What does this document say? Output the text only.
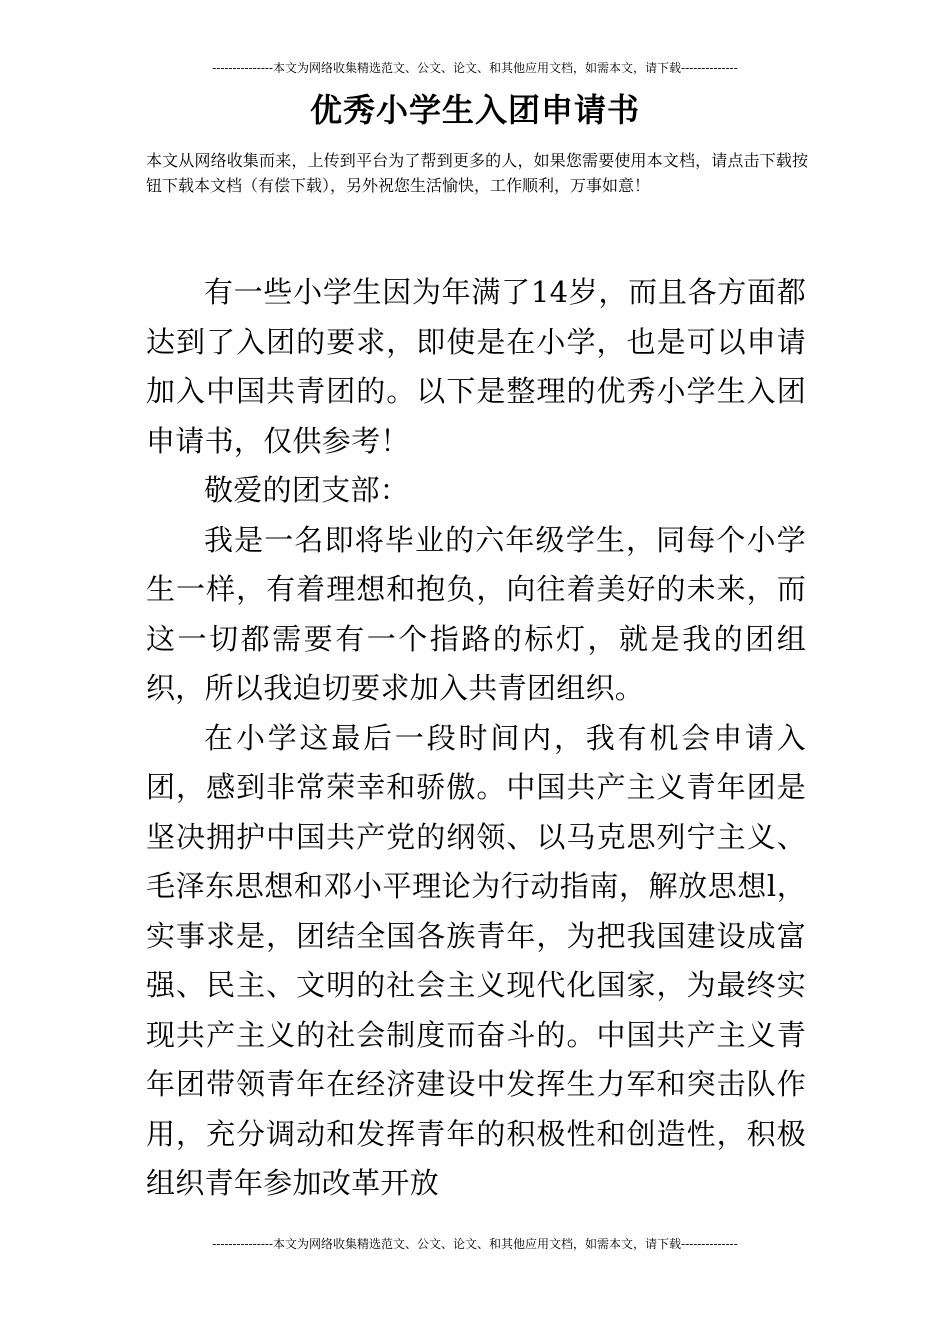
---------------本文为网络收集精选范文、公文、论文、和其他应用文档，如需本文，请下载--------------
优秀小学生入团申请书
本文从网络收集而来，上传到平台为了帮到更多的人，如果您需要使用本文档，请点击下载按钮下载本文档（有偿下载），另外祝您生活愉快，工作顺利，万事如意！

有一些小学生因为年满了14岁，而且各方面都达到了入团的要求，即使是在小学，也是可以申请加入中国共青团的。以下是整理的优秀小学生入团申请书，仅供参考！

敬爱的团支部：

我是一名即将毕业的六年级学生，同每个小学生一样，有着理想和抱负，向往着美好的未来，而这一切都需要有一个指路的标灯，就是我的团组织，所以我迫切要求加入共青团组织。

在小学这最后一段时间内，我有机会申请入团，感到非常荣幸和骄傲。中国共产主义青年团是坚决拥护中国共产党的纲领、以马克思列宁主义、毛泽东思想和邓小平理论为行动指南，解放思想l，实事求是，团结全国各族青年，为把我国建设成富强、民主、文明的社会主义现代化国家，为最终实现共产主义的社会制度而奋斗的。中国共产主义青年团带领青年在经济建设中发挥生力军和突击队作用，充分调动和发挥青年的积极性和创造性，积极组织青年参加改革开放

---------------本文为网络收集精选范文、公文、论文、和其他应用文档，如需本文，请下载--------------
